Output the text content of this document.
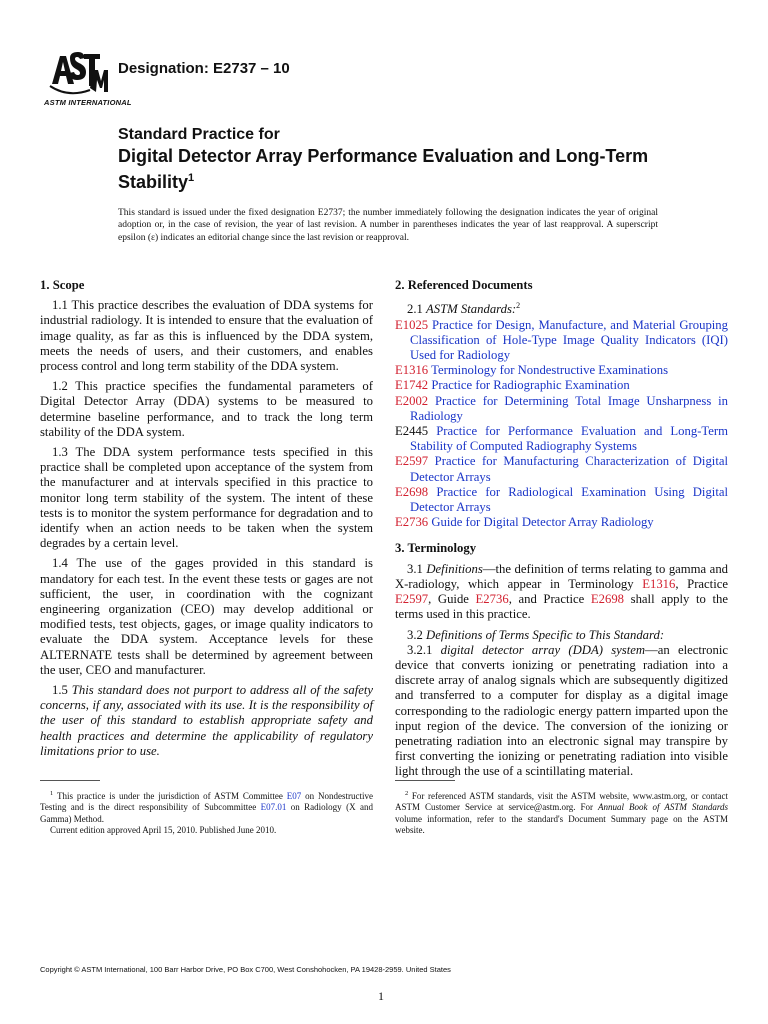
ASTM INTERNATIONAL
Designation: E2737 – 10
Standard Practice for
Digital Detector Array Performance Evaluation and Long-Term Stability$^1$
This standard is issued under the fixed designation E2737; the number immediately following the designation indicates the year of original adoption or, in the case of revision, the year of last revision. A number in parentheses indicates the year of last reapproval. A superscript epsilon (ε) indicates an editorial change since the last revision or reapproval.
1. Scope
1.1 This practice describes the evaluation of DDA systems for industrial radiology. It is intended to ensure that the evaluation of image quality, as far as this is influenced by the DDA system, meets the needs of users, and their customers, and enables process control and long term stability of the DDA system.
1.2 This practice specifies the fundamental parameters of Digital Detector Array (DDA) systems to be measured to determine baseline performance, and to track the long term stability of the DDA system.
1.3 The DDA system performance tests specified in this practice shall be completed upon acceptance of the system from the manufacturer and at intervals specified in this practice to monitor long term stability of the system. The intent of these tests is to monitor the system performance for degradation and to identify when an action needs to be taken when the system degrades by a certain level.
1.4 The use of the gages provided in this standard is mandatory for each test. In the event these tests or gages are not sufficient, the user, in coordination with the cognizant engineering organization (CEO) may develop additional or modified tests, test objects, gages, or image quality indicators to evaluate the DDA system. Acceptance levels for these ALTERNATE tests shall be determined by agreement between the user, CEO and manufacturer.
1.5 This standard does not purport to address all of the safety concerns, if any, associated with its use. It is the responsibility of the user of this standard to establish appropriate safety and health practices and determine the applicability of regulatory limitations prior to use.
2. Referenced Documents
2.1 ASTM Standards:$^2$
E1025 Practice for Design, Manufacture, and Material Grouping Classification of Hole-Type Image Quality Indicators (IQI) Used for Radiology
E1316 Terminology for Nondestructive Examinations
E1742 Practice for Radiographic Examination
E2002 Practice for Determining Total Image Unsharpness in Radiology
E2445 Practice for Performance Evaluation and Long-Term Stability of Computed Radiography Systems
E2597 Practice for Manufacturing Characterization of Digital Detector Arrays
E2698 Practice for Radiological Examination Using Digital Detector Arrays
E2736 Guide for Digital Detector Array Radiology
3. Terminology
3.1 Definitions—the definition of terms relating to gamma and X-radiology, which appear in Terminology E1316, Practice E2597, Guide E2736, and Practice E2698 shall apply to the terms used in this practice.
3.2 Definitions of Terms Specific to This Standard:
3.2.1 digital detector array (DDA) system—an electronic device that converts ionizing or penetrating radiation into a discrete array of analog signals which are subsequently digitized and transferred to a computer for display as a digital image corresponding to the radiologic energy pattern imparted upon the input region of the device. The conversion of the ionizing or penetrating radiation into an electronic signal may transpire by first converting the ionizing or penetrating radiation into visible light through the use of a scintillating material.

$^1$ This practice is under the jurisdiction of ASTM Committee E07 on Nondestructive Testing and is the direct responsibility of Subcommittee E07.01 on Radiology (X and Gamma) Method.

Current edition approved April 15, 2010. Published June 2010.

$^2$ For referenced ASTM standards, visit the ASTM website, www.astm.org, or contact ASTM Customer Service at service@astm.org. For Annual Book of ASTM Standards volume information, refer to the standard's Document Summary page on the ASTM website.

Copyright © ASTM International, 100 Barr Harbor Drive, PO Box C700, West Conshohocken, PA 19428-2959. United States
1
